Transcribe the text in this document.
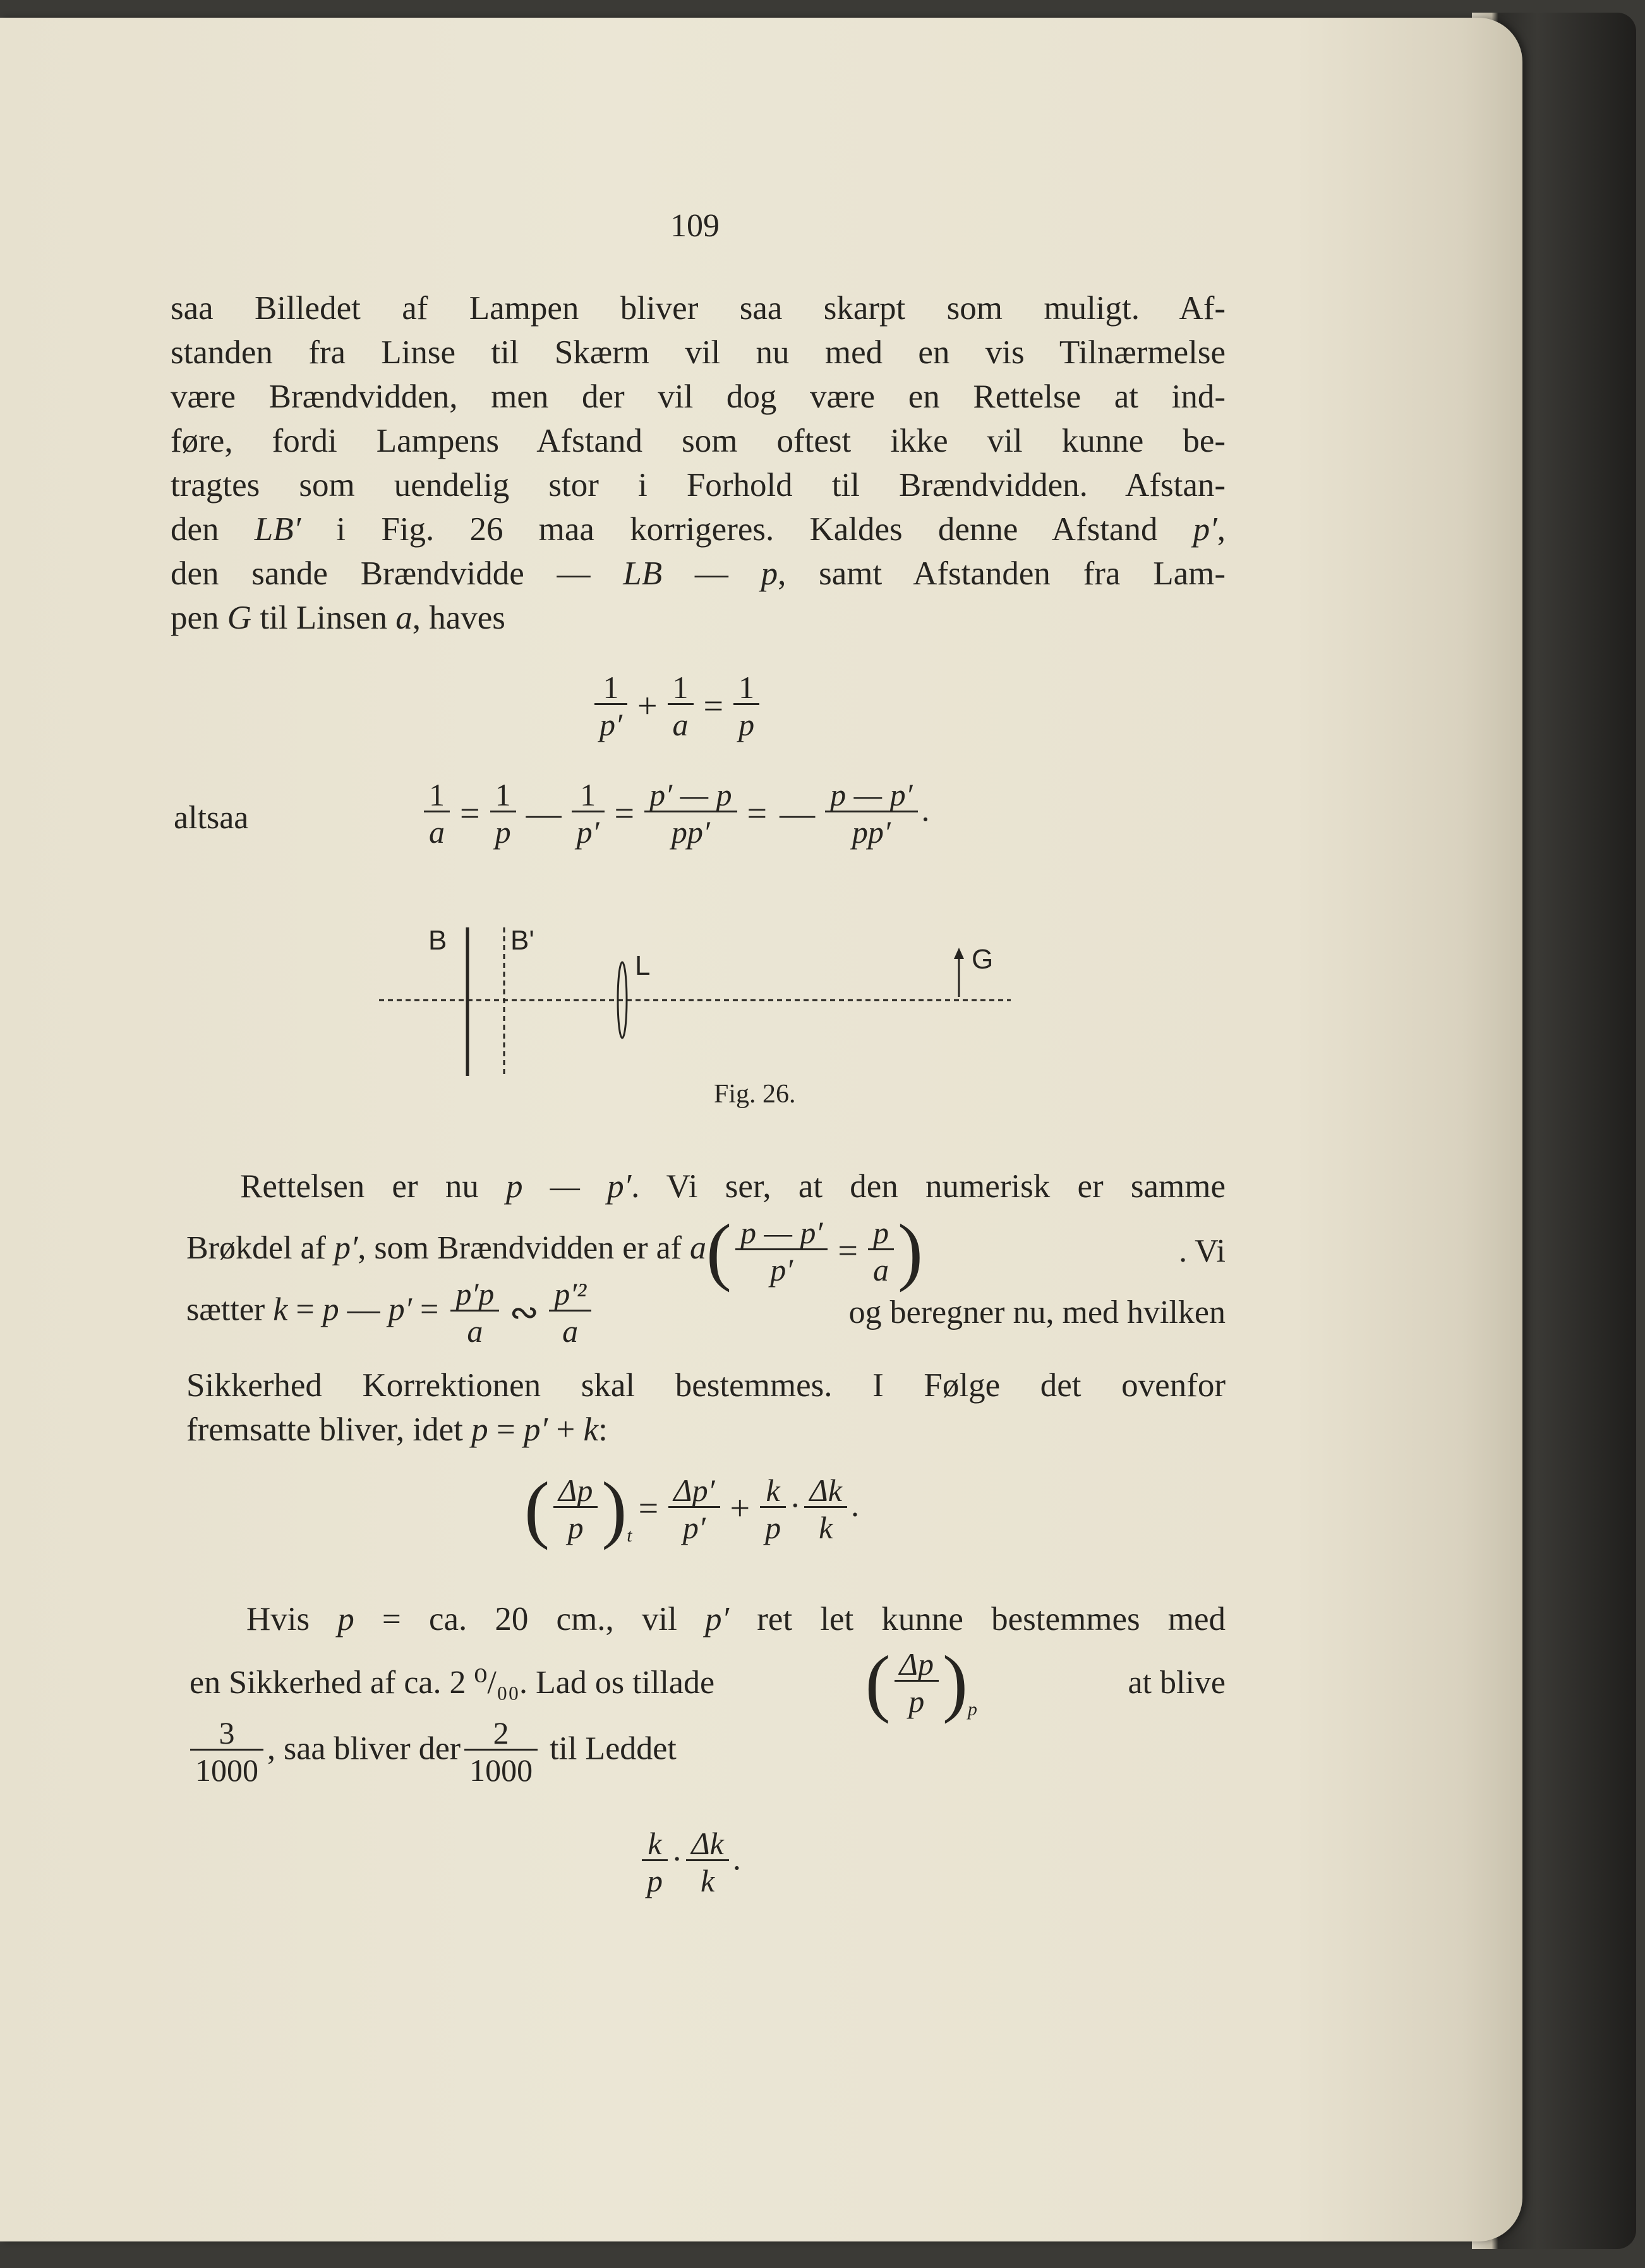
109
saa Billedet af Lampen bliver saa skarpt som muligt. Af-
standen fra Linse til Skærm vil nu med en vis Tilnærmelse
være Brændvidden, men der vil dog være en Rettelse at ind-
føre, fordi Lampens Afstand som oftest ikke vil kunne be-
tragtes som uendelig stor i Forhold til Brændvidden. Afstan-
den LB′ i Fig. 26 maa korrigeres. Kaldes denne Afstand p′,
den sande Brændvidde — LB — p, samt Afstanden fra Lam-
pen G til Linsen a, haves
$\frac{1}{p'} + \frac{1}{a} = \frac{1}{p}$
altsaa	$\frac{1}{a} = \frac{1}{p}$ — $\frac{1}{p'} = \frac{p' — p}{pp'}$ = — $\frac{p — p'}{pp'}$ .
B B'
L	G
Fig. 26.
Rettelsen er nu p — p′. Vi ser, at den numerisk er samme
Brøkdel af p′, som Brændvidden er af $a( \frac{p — p'}{p'} = \frac{p}{a}$ )	. Vi
sætter k = p — $p' = \frac{p'p}{a}$ ∾ $\frac{\text{p′²}}{a}$	og beregner nu, med hvilken
Sikkerhed Korrektionen skal bestemmes. I Følge det ovenfor
fremsatte bliver, idet p = p′ + k:
( $\frac{\Delta p}{p} )_t= \frac{\Delta p'}{p'} + \frac{k}{p} \cdot \frac{\Delta k}{k}$ .
Hvis p = ca. 20 cm., vil p′ ret let kunne bestemmes med
en Sikkerhed af ca. 2 ⁰/₀₀. Lad os tillade ( $\frac{\Delta p}{p} )_p$
at blive
$\frac{3}{1000}$ , saa bliver der $\frac{2}{1000}$ til Leddet
$\frac{k}{p} \cdot \frac{\Delta k}{k}$ .
